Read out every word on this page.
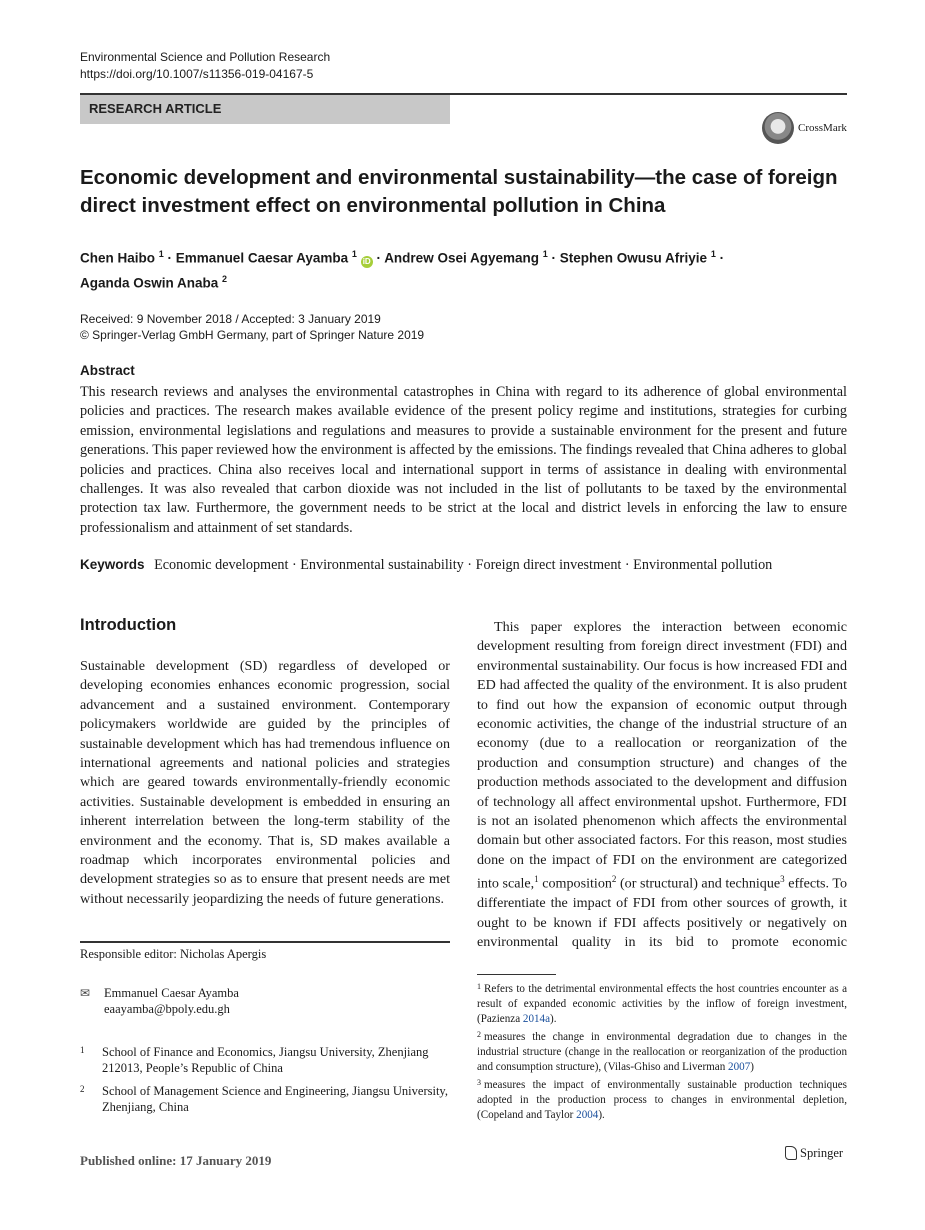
Environmental Science and Pollution Research
https://doi.org/10.1007/s11356-019-04167-5
RESEARCH ARTICLE
CrossMark
Economic development and environmental sustainability—the case of foreign direct investment effect on environmental pollution in China
Chen Haibo $^1$ · Emmanuel Caesar Ayamba $^1$ iD · Andrew Osei Agyemang $^1$ · Stephen Owusu Afriyie $^1$ ·
Aganda Oswin Anaba $^2$
Received: 9 November 2018 / Accepted: 3 January 2019
© Springer-Verlag GmbH Germany, part of Springer Nature 2019
Abstract
This research reviews and analyses the environmental catastrophes in China with regard to its adherence of global environmental policies and practices. The research makes available evidence of the present policy regime and institutions, strategies for curbing emission, environmental legislations and regulations and measures to provide a sustainable environment for the present and future generations. This paper reviewed how the environment is affected by the emissions. The findings revealed that China adheres to global policies and practices. China also receives local and international support in terms of assistance in dealing with environmental challenges. It was also revealed that carbon dioxide was not included in the list of pollutants to be taxed by the environmental protection tax law. Furthermore, the government needs to be strict at the local and district levels in enforcing the law to ensure professionalism and attainment of set standards.
Keywords Economic development · Environmental sustainability · Foreign direct investment · Environmental pollution
Introduction
Sustainable development (SD) regardless of developed or developing economies enhances economic progression, social advancement and a sustained environment. Contemporary policymakers worldwide are guided by the principles of sustainable development which has had tremendous influence on international agreements and national policies and strategies which are geared towards environmentally-friendly economic activities. Sustainable development is embedded in ensuring an inherent interrelation between the long-term stability of the environment and the economy. That is, SD makes available a roadmap which incorporates environmental policies and development strategies so as to ensure that present needs are met without necessarily jeopardizing the needs of future generations.
This paper explores the interaction between economic development resulting from foreign direct investment (FDI) and environmental sustainability. Our focus is how increased FDI and ED had affected the quality of the environment. It is also prudent to find out how the expansion of economic output through economic activities, the change of the industrial structure of an economy (due to a reallocation or reorganization of the production and consumption structure) and changes of the production methods associated to the development and diffusion of technology all affect environmental upshot. Furthermore, FDI is not an isolated phenomenon which affects the environmental domain but other associated factors. For this reason, most studies done on the impact of FDI on the environment are categorized into scale,$^1$ composition$^2$ (or structural) and technique$^3$ effects. To differentiate the impact of FDI from other sources of growth, it ought to be known if FDI affects positively or negatively on environmental quality in its bid to promote economic
Responsible editor: Nicholas Apergis
✉ Emmanuel Caesar Ayamba
eaayamba@bpoly.edu.gh
1 School of Finance and Economics, Jiangsu University, Zhenjiang 212013, People’s Republic of China
2 School of Management Science and Engineering, Jiangsu University, Zhenjiang, China
$^1$ Refers to the detrimental environmental effects the host countries encounter as a result of expanded economic activities by the inflow of foreign investment, (Pazienza 2014a).
$^2$ measures the change in environmental degradation due to changes in the industrial structure (change in the reallocation or reorganization of the production and consumption structure), (Vilas-Ghiso and Liverman 2007)
$^3$ measures the impact of environmentally sustainable production techniques adopted in the production process to changes in environmental depletion, (Copeland and Taylor 2004).
Published online: 17 January 2019	Springer
